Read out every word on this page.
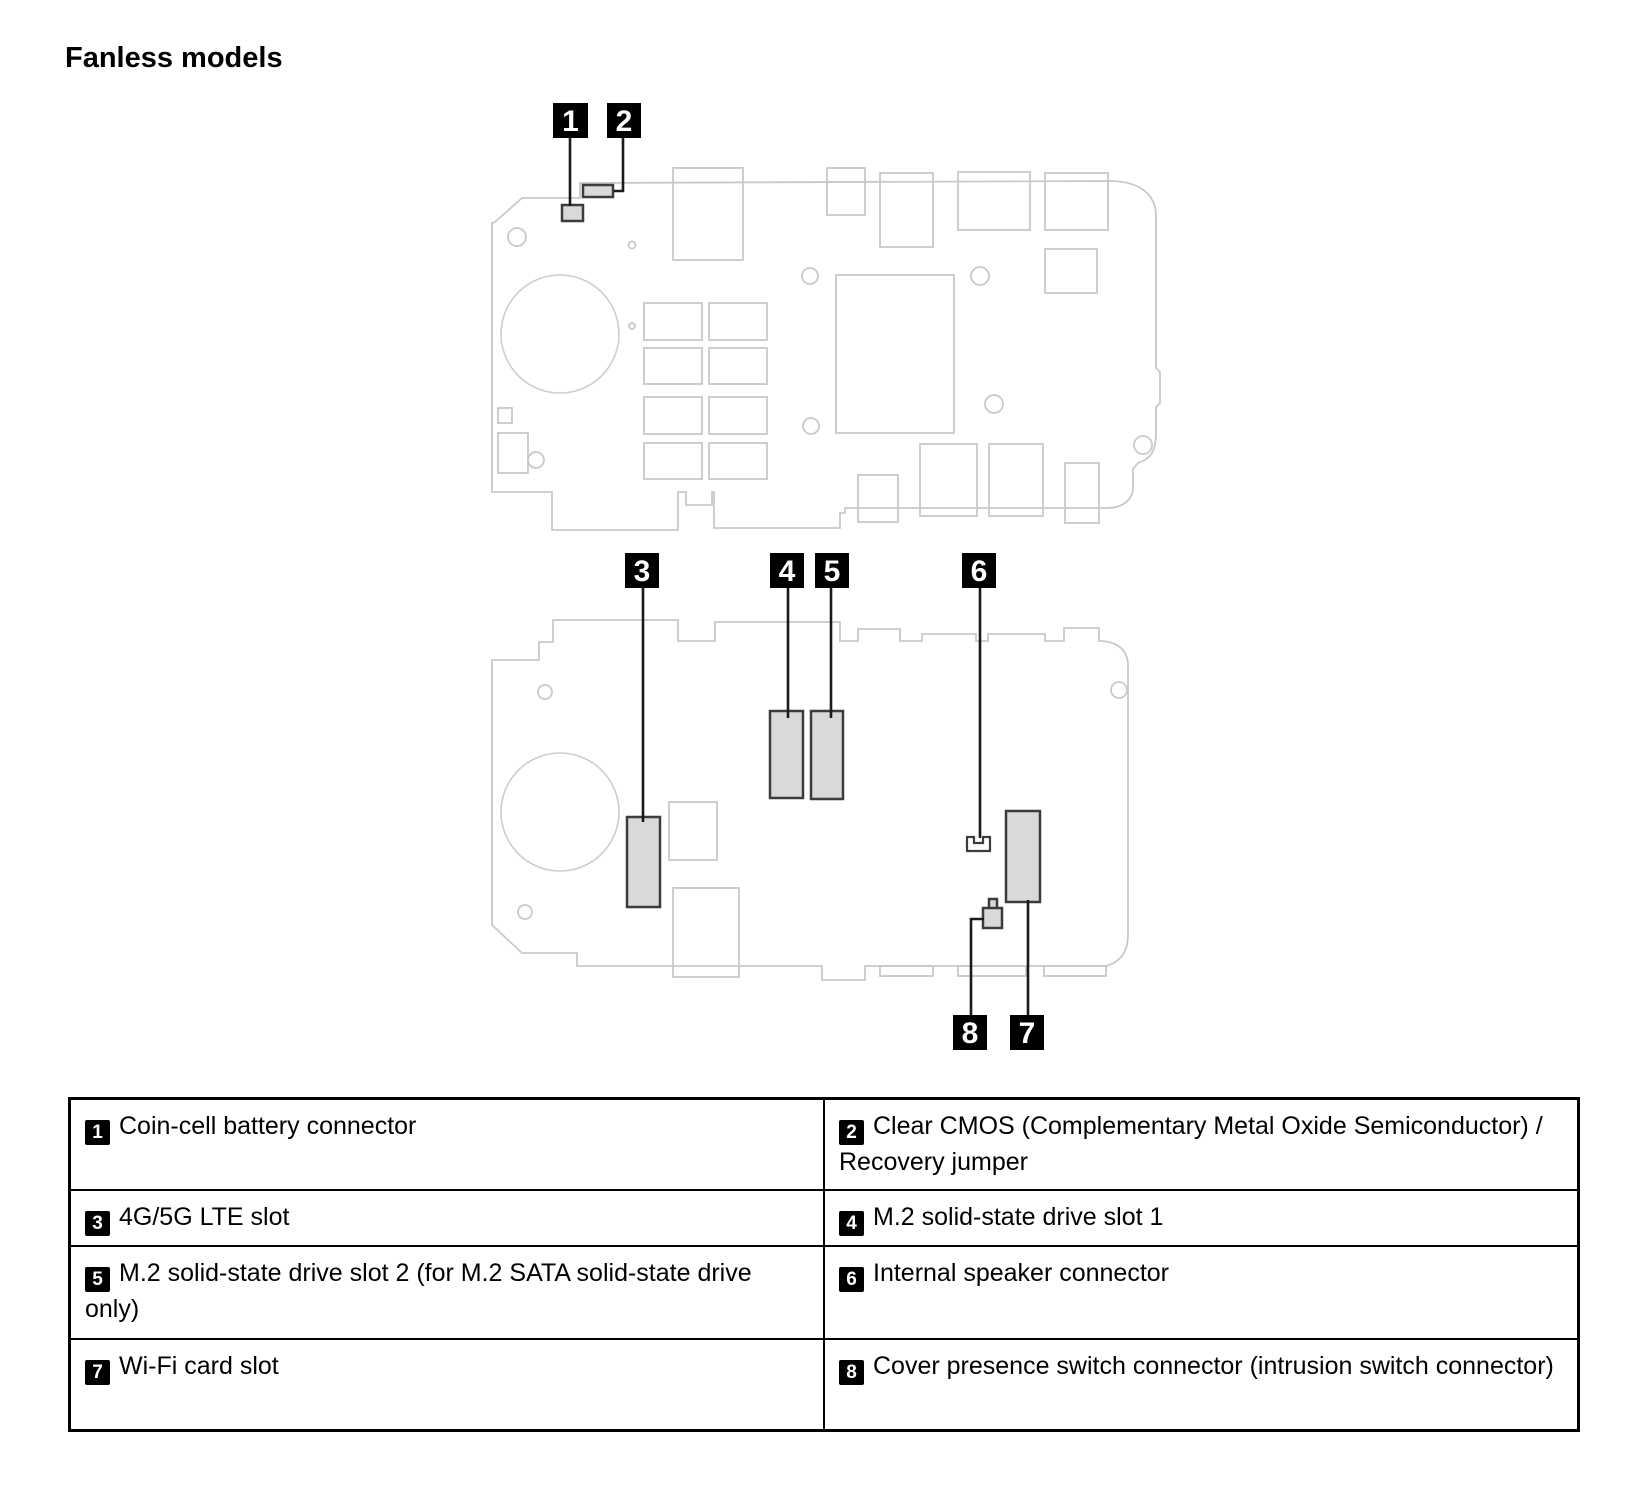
Fanless models
1 2
3	4 5	6
8 7
1 Coin-cell battery connector	2 Clear CMOS (Complementary Metal Oxide Semiconductor) / Recovery jumper
3 4G/5G LTE slot	4 M.2 solid-state drive slot 1
5 M.2 solid-state drive slot 2 (for M.2 SATA solid-state drive only)	6 Internal speaker connector
7 Wi-Fi card slot	8 Cover presence switch connector (intrusion switch connector)
